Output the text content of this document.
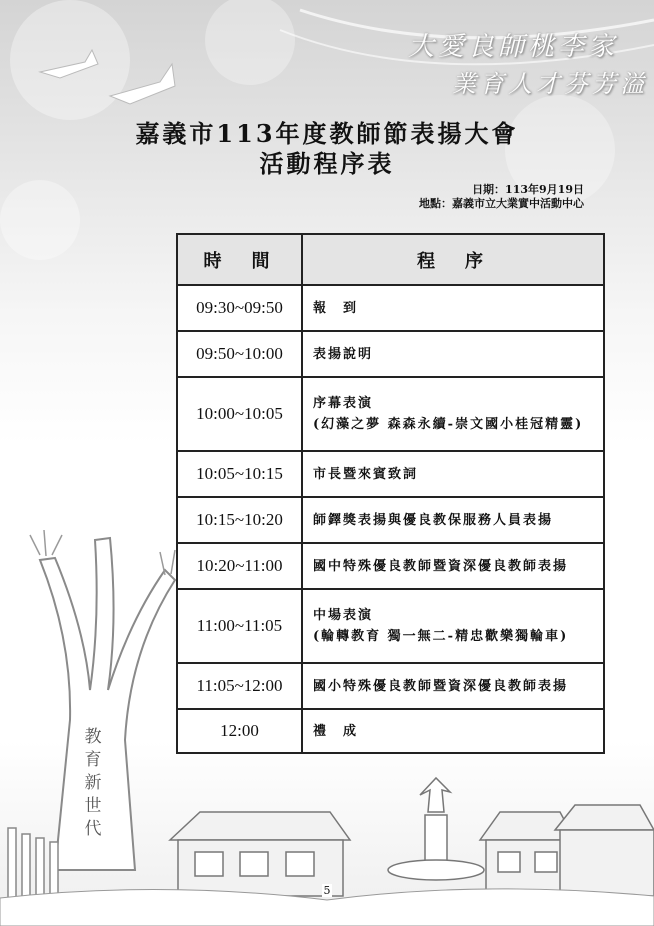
大愛良師桃李家
業育人才芬芳溢
教
育
新
世
代
嘉義市113年度教師節表揚大會
活動程序表
日期：113年9月19日
地點：嘉義市立大業實中活動中心
時　間	程　序
09:30~09:50	報　到

09:50~10:00	表揚說明

10:00~10:05	序幕表演
(幻藻之夢 森森永續-崇文國小桂冠精靈)

10:05~10:15	市長暨來賓致詞

10:15~10:20	師鐸獎表揚與優良教保服務人員表揚

10:20~11:00	國中特殊優良教師暨資深優良教師表揚

11:00~11:05	中場表演
(輪轉教育 獨一無二-精忠歡樂獨輪車)

11:05~12:00	國小特殊優良教師暨資深優良教師表揚

12:00	禮　成
5
